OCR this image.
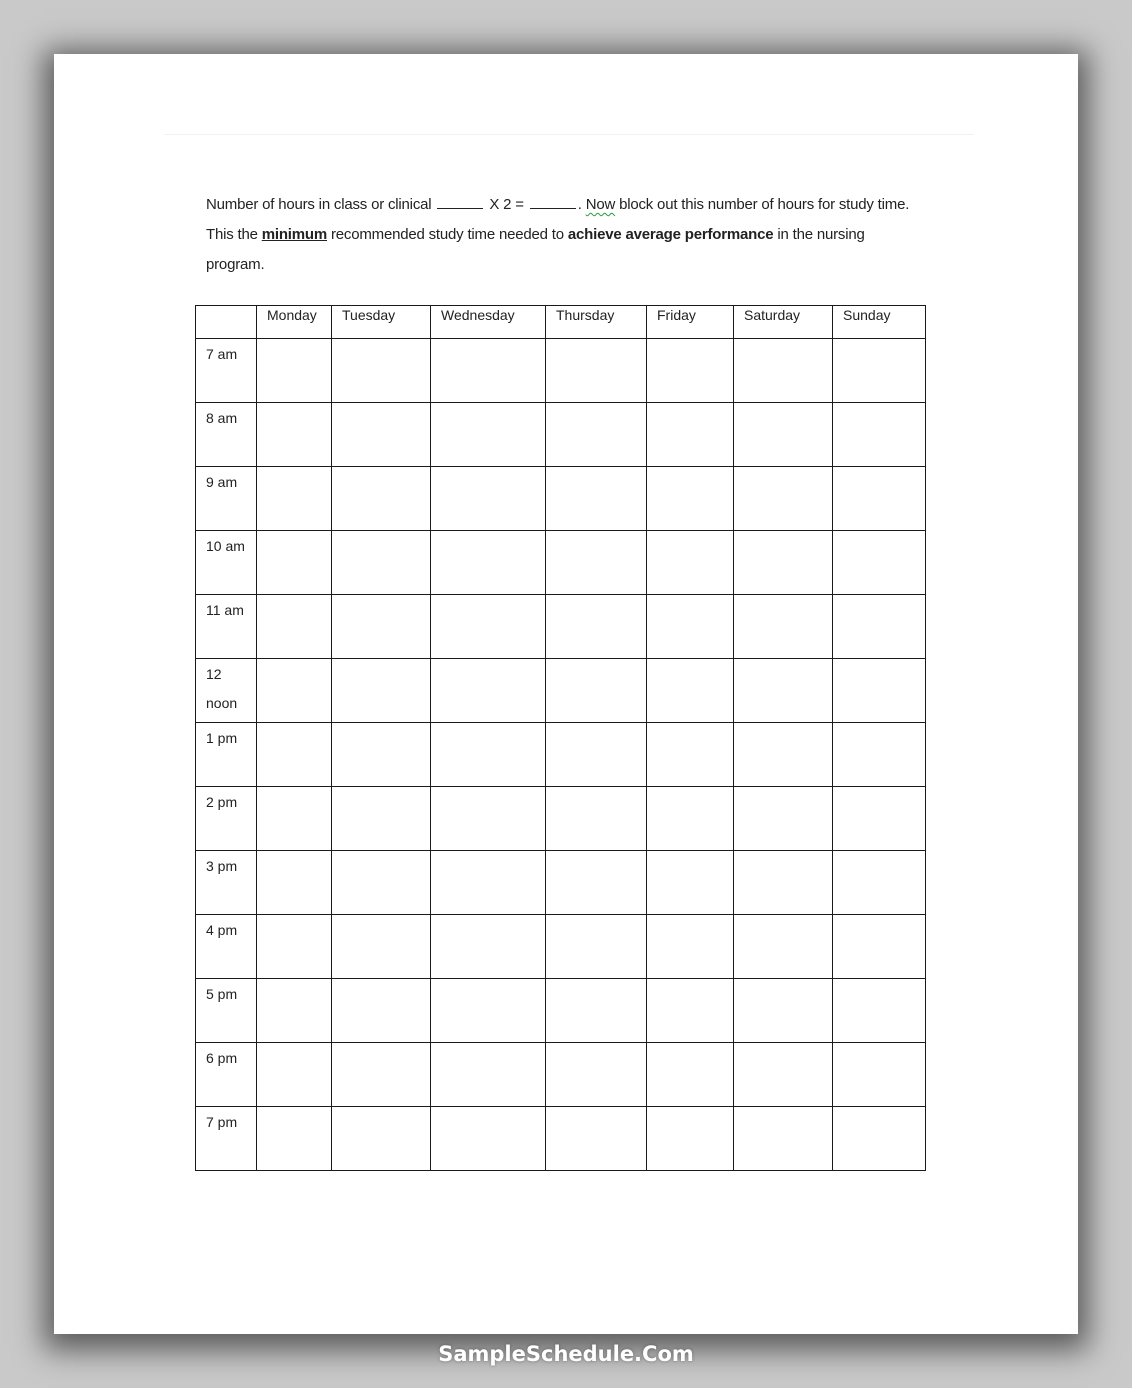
Number of hours in class or clinical	X 2 =	. Now block out this number of hours for study time.
This the minimum recommended study time needed to achieve average performance in the nursing
program.
	Monday	Tuesday	Wednesday	Thursday	Friday	Saturday	Sunday
7 am							
8 am							
9 am							
10 am							
11 am							
12 noon							
1 pm							
2 pm							
3 pm							
4 pm							
5 pm							
6 pm							
7 pm							
SampleSchedule.Com
